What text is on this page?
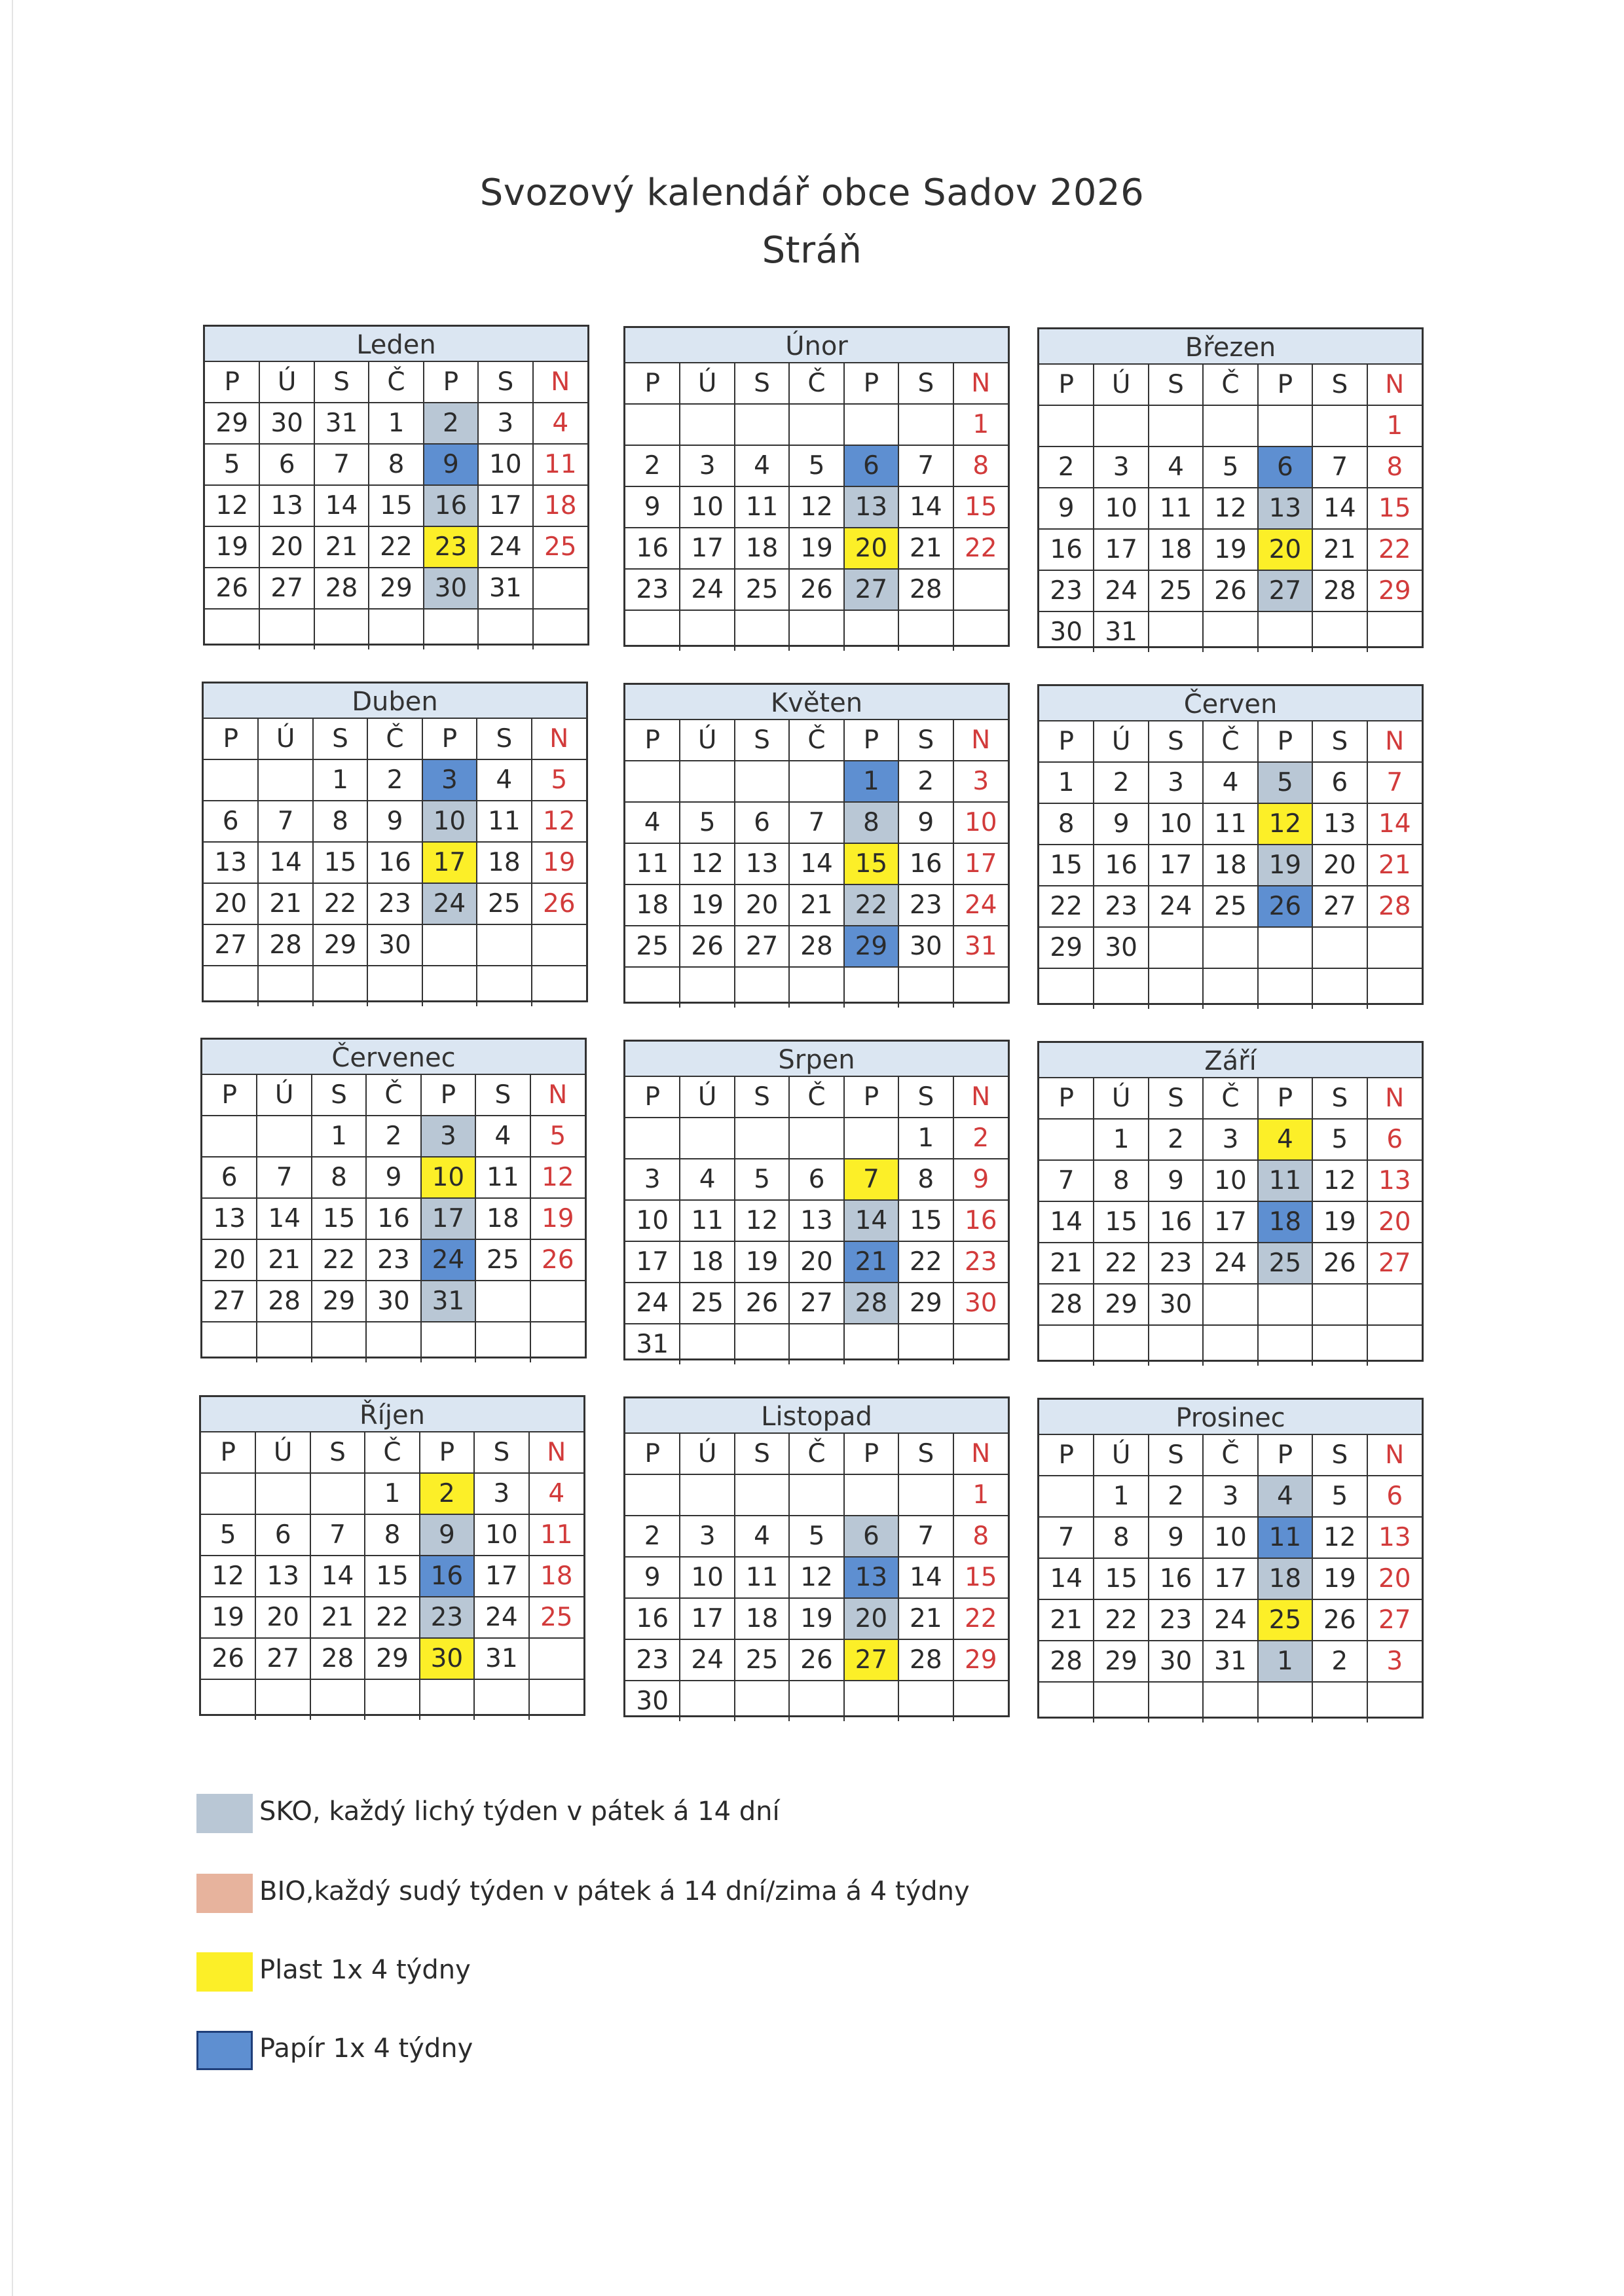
Svozový kalendář obce Sadov 2026
Stráň
Leden
P	Ú	S	Č	P	S	N
29	30	31	1	2	3	4
5	6	7	8	9	10	11
12	13	14	15	16	17	18
19	20	21	22	23	24	25
26	27	28	29	30	31	

Únor
P	Ú	S	Č	P	S	N
						1
2	3	4	5	6	7	8
9	10	11	12	13	14	15
16	17	18	19	20	21	22
23	24	25	26	27	28	

Březen
P	Ú	S	Č	P	S	N
						1
2	3	4	5	6	7	8
9	10	11	12	13	14	15
16	17	18	19	20	21	22
23	24	25	26	27	28	29
30	31					
Duben
P	Ú	S	Č	P	S	N
		1	2	3	4	5
6	7	8	9	10	11	12
13	14	15	16	17	18	19
20	21	22	23	24	25	26
27	28	29	30			

Květen
P	Ú	S	Č	P	S	N
				1	2	3
4	5	6	7	8	9	10
11	12	13	14	15	16	17
18	19	20	21	22	23	24
25	26	27	28	29	30	31

Červen
P	Ú	S	Č	P	S	N
1	2	3	4	5	6	7
8	9	10	11	12	13	14
15	16	17	18	19	20	21
22	23	24	25	26	27	28
29	30					

Červenec
P	Ú	S	Č	P	S	N
		1	2	3	4	5
6	7	8	9	10	11	12
13	14	15	16	17	18	19
20	21	22	23	24	25	26
27	28	29	30	31		

Srpen
P	Ú	S	Č	P	S	N
					1	2
3	4	5	6	7	8	9
10	11	12	13	14	15	16
17	18	19	20	21	22	23
24	25	26	27	28	29	30
31						
Září
P	Ú	S	Č	P	S	N
	1	2	3	4	5	6
7	8	9	10	11	12	13
14	15	16	17	18	19	20
21	22	23	24	25	26	27
28	29	30				

Říjen
P	Ú	S	Č	P	S	N
			1	2	3	4
5	6	7	8	9	10	11
12	13	14	15	16	17	18
19	20	21	22	23	24	25
26	27	28	29	30	31	

Listopad
P	Ú	S	Č	P	S	N
						1
2	3	4	5	6	7	8
9	10	11	12	13	14	15
16	17	18	19	20	21	22
23	24	25	26	27	28	29
30						
Prosinec
P	Ú	S	Č	P	S	N
	1	2	3	4	5	6
7	8	9	10	11	12	13
14	15	16	17	18	19	20
21	22	23	24	25	26	27
28	29	30	31	1	2	3

SKO, každý lichý týden v pátek á 14 dní
BIO,každý sudý týden v pátek á 14 dní/zima á 4 týdny
Plast 1x 4 týdny
Papír 1x 4 týdny
